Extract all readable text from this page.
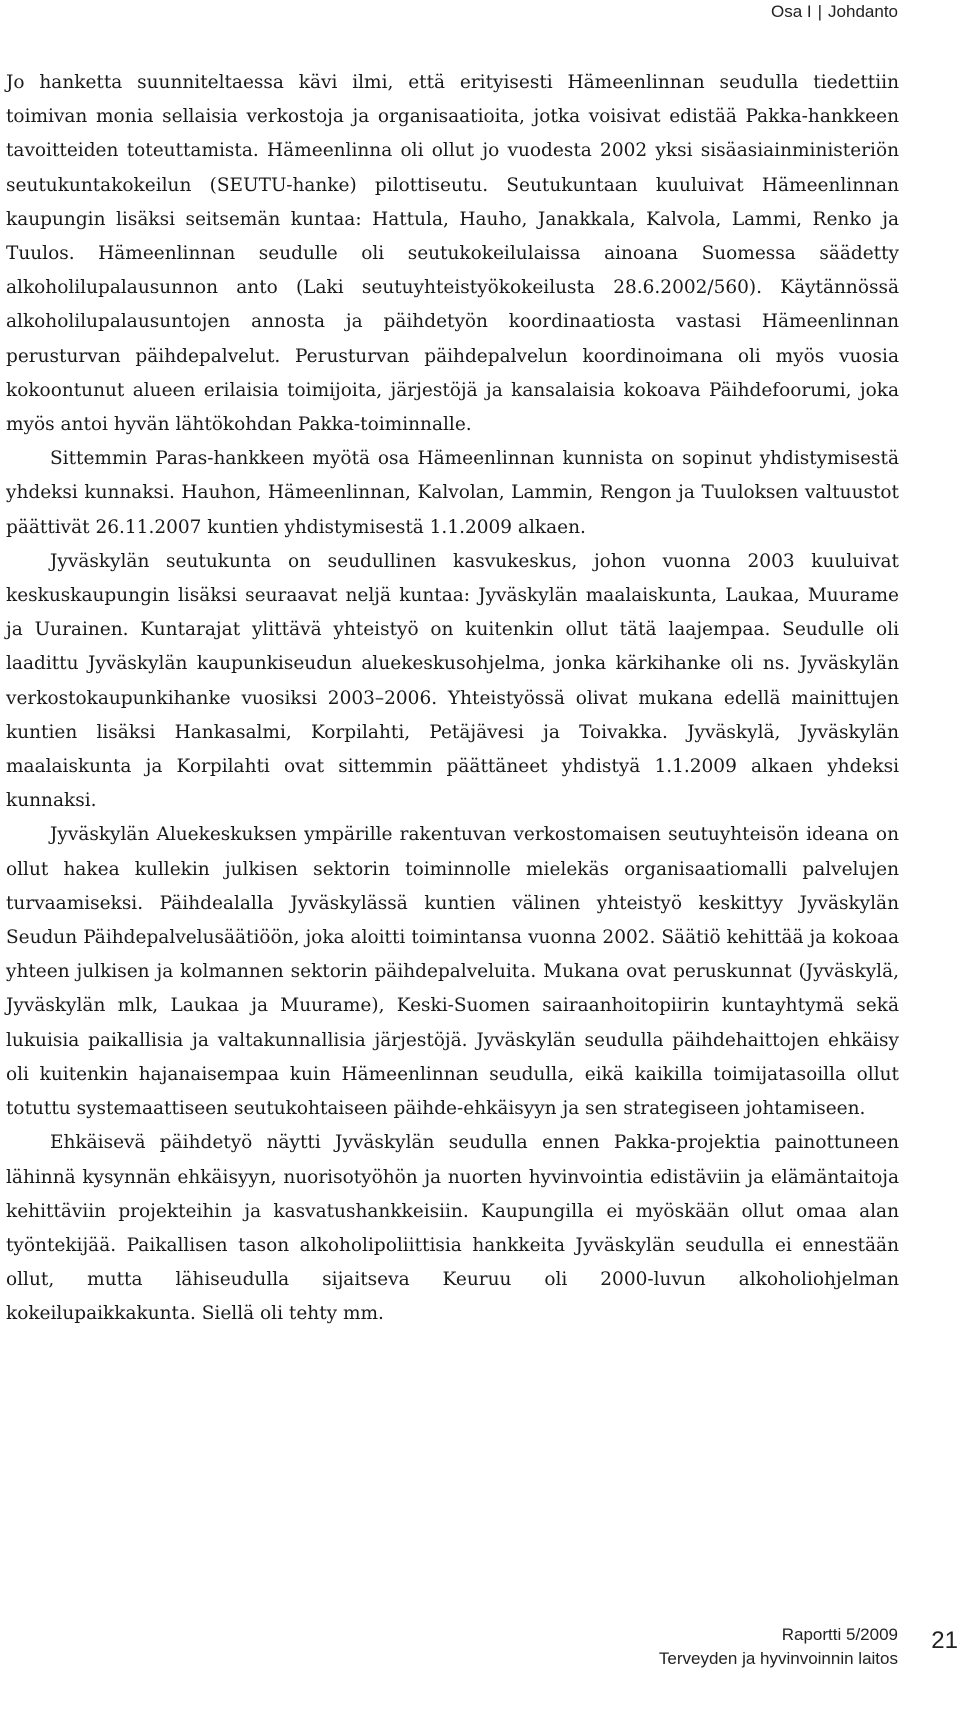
Osa I | Johdanto

Jo hanketta suunniteltaessa kävi ilmi, että erityisesti Hämeenlinnan seudulla tiedettiin toimivan monia sellaisia verkostoja ja organisaatioita, jotka voisivat edistää Pakka-hankkeen tavoitteiden toteuttamista. Hämeenlinna oli ollut jo vuodesta 2002 yksi sisäasiainministeriön seutukuntakokeilun (SEUTU-hanke) pilottiseutu. Seutukuntaan kuuluivat Hämeenlinnan kaupungin lisäksi seitsemän kuntaa: Hattula, Hauho, Janakkala, Kalvola, Lammi, Renko ja Tuulos. Hämeenlinnan seudulle oli seutukokeilulaissa ainoana Suomessa säädetty alkoholilupalausunnon anto (Laki seutuyhteistyökokeilusta 28.6.2002/560). Käytännössä alkoholilupalausuntojen annosta ja päihdetyön koordinaatiosta vastasi Hämeenlinnan perusturvan päihdepalvelut. Perusturvan päihdepalvelun koordinoimana oli myös vuosia kokoontunut alueen erilaisia toimijoita, järjestöjä ja kansalaisia kokoava Päihdefoorumi, joka myös antoi hyvän lähtökohdan Pakka-toiminnalle.

Sittemmin Paras-hankkeen myötä osa Hämeenlinnan kunnista on sopinut yhdistymisestä yhdeksi kunnaksi. Hauhon, Hämeenlinnan, Kalvolan, Lammin, Rengon ja Tuuloksen valtuustot päättivät 26.11.2007 kuntien yhdistymisestä 1.1.2009 alkaen.

Jyväskylän seutukunta on seudullinen kasvukeskus, johon vuonna 2003 kuuluivat keskuskaupungin lisäksi seuraavat neljä kuntaa: Jyväskylän maalaiskunta, Laukaa, Muurame ja Uurainen. Kuntarajat ylittävä yhteistyö on kuitenkin ollut tätä laajempaa. Seudulle oli laadittu Jyväskylän kaupunkiseudun aluekeskusohjelma, jonka kärkihanke oli ns. Jyväskylän verkostokaupunkihanke vuosiksi 2003–2006. Yhteistyössä olivat mukana edellä mainittujen kuntien lisäksi Hankasalmi, Korpilahti, Petäjävesi ja Toivakka. Jyväskylä, Jyväskylän maalaiskunta ja Korpilahti ovat sittemmin päättäneet yhdistyä 1.1.2009 alkaen yhdeksi kunnaksi.

Jyväskylän Aluekeskuksen ympärille rakentuvan verkostomaisen seutuyhteisön ideana on ollut hakea kullekin julkisen sektorin toiminnolle mielekäs organisaatiomalli palvelujen turvaamiseksi. Päihdealalla Jyväskylässä kuntien välinen yhteistyö keskittyy Jyväskylän Seudun Päihdepalvelusäätiöön, joka aloitti toimintansa vuonna 2002. Säätiö kehittää ja kokoaa yhteen julkisen ja kolmannen sektorin päihdepalveluita. Mukana ovat peruskunnat (Jyväskylä, Jyväskylän mlk, Laukaa ja Muurame), Keski-Suomen sairaanhoitopiirin kuntayhtymä sekä lukuisia paikallisia ja valtakunnallisia järjestöjä. Jyväskylän seudulla päihdehaittojen ehkäisy oli kuitenkin hajanaisempaa kuin Hämeenlinnan seudulla, eikä kaikilla toimijatasoilla ollut totuttu systemaattiseen seutukohtaiseen päihde-ehkäisyyn ja sen strategiseen johtamiseen.

Ehkäisevä päihdetyö näytti Jyväskylän seudulla ennen Pakka-projektia painottuneen lähinnä kysynnän ehkäisyyn, nuorisotyöhön ja nuorten hyvinvointia edistäviin ja elämäntaitoja kehittäviin projekteihin ja kasvatushankkeisiin. Kaupungilla ei myöskään ollut omaa alan työntekijää. Paikallisen tason alkoholipoliittisia hankkeita Jyväskylän seudulla ei ennestään ollut, mutta lähiseudulla sijaitseva Keuruu oli 2000-luvun alkoholiohjelman kokeilupaikkakunta. Siellä oli tehty mm.

Raportti 5/2009
Terveyden ja hyvinvoinnin laitos
21
